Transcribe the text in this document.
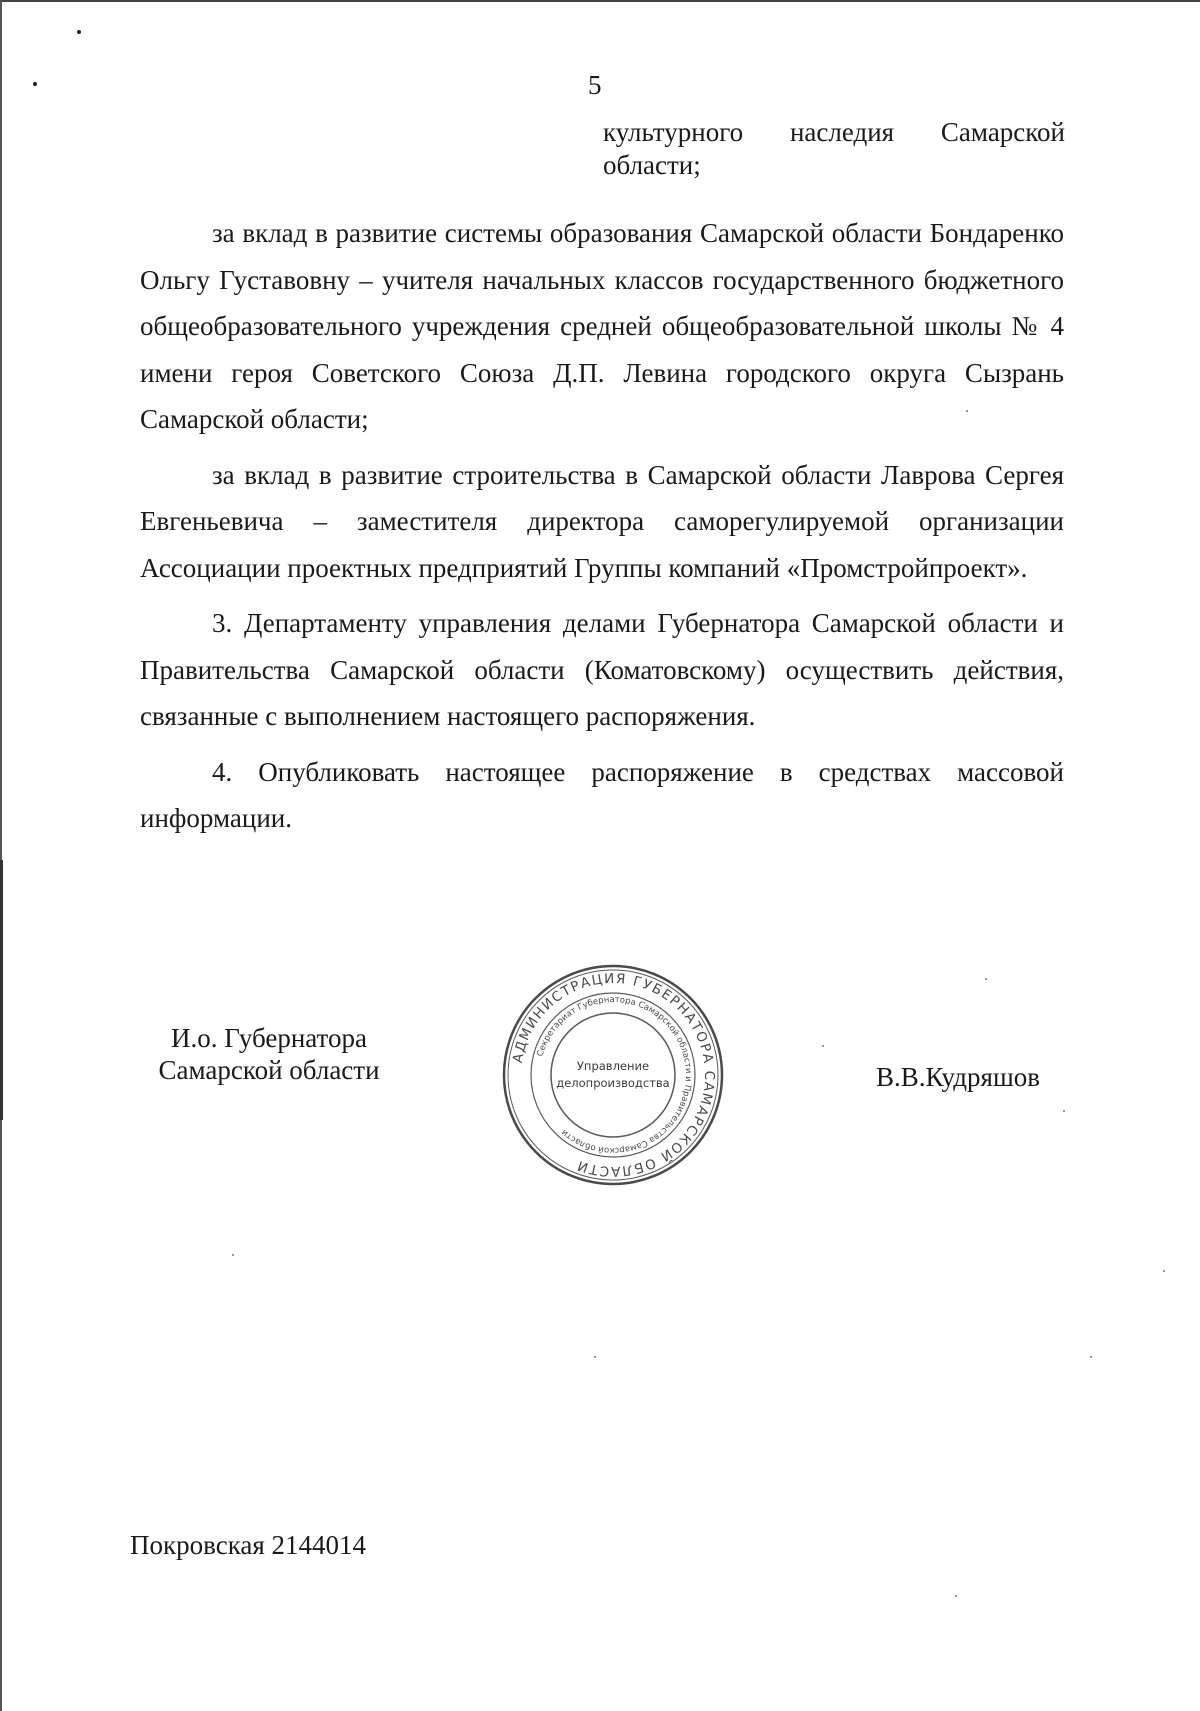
5
культурного наследия Самарской
области;

за вклад в развитие системы образования Самарской области Бондаренко Ольгу Густавовну – учителя начальных классов государственного бюджетного общеобразовательного учреждения средней общеобразовательной школы № 4 имени героя Советского Союза Д.П. Левина городского округа Сызрань Самарской области;

за вклад в развитие строительства в Самарской области Лаврова Сергея Евгеньевича – заместителя директора саморегулируемой организации Ассоциации проектных предприятий Группы компаний «Промстройпроект».

3. Департаменту управления делами Губернатора Самарской области и Правительства Самарской области (Коматовскому) осуществить действия, связанные с выполнением настоящего распоряжения.

4. Опубликовать настоящее распоряжение в средствах массовой информации.

И.о. Губернатора
Самарской области	АДМИНИСТРАЦИЯ ГУБЕРНАТОРА САМАРСКОЙ ОБЛАСТИ
Секретариат Губернатора Самарской области и Правительства Самарской области
Управление
делопроизводства	В.В.Кудряшов
Покровская 2144014
